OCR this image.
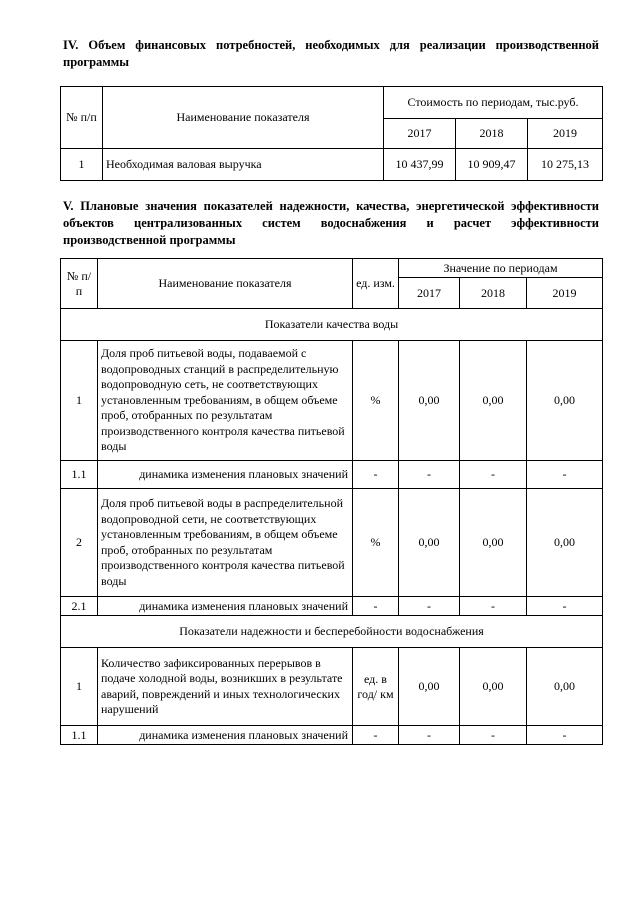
IV. Объем финансовых потребностей, необходимых для реализации производственной программы
№ п/п	Наименование показателя	Стоимость по периодам, тыс.руб.		
		2017	2018	2019
1	Необходимая валовая выручка	10 437,99	10 909,47	10 275,13
V. Плановые значения показателей надежности, качества, энергетической эффективности объектов централизованных систем водоснабжения и расчет эффективности производственной программы
№ п/п	Наименование показателя	ед. изм.	Значение по периодам		
			2017	2018	2019
Показатели качества воды					
1	Доля проб питьевой воды, подаваемой с водопроводных станций в распределительную водопроводную сеть, не соответствующих установленным требованиям, в общем объеме проб, отобранных по результатам производственного контроля качества питьевой воды	%	0,00	0,00	0,00
1.1	динамика изменения плановых значений	-	-	-	-
2	Доля проб питьевой воды в распределительной водопроводной сети, не соответствующих установленным требованиям, в общем объеме проб, отобранных по результатам производственного контроля качества питьевой воды	%	0,00	0,00	0,00
2.1	динамика изменения плановых значений	-	-	-	-
Показатели надежности и бесперебойности водоснабжения					
1	Количество зафиксированных перерывов в подаче холодной воды, возникших в результате аварий, повреждений и иных технологических нарушений	ед. в год/ км	0,00	0,00	0,00
1.1	динамика изменения плановых значений	-	-	-	-
